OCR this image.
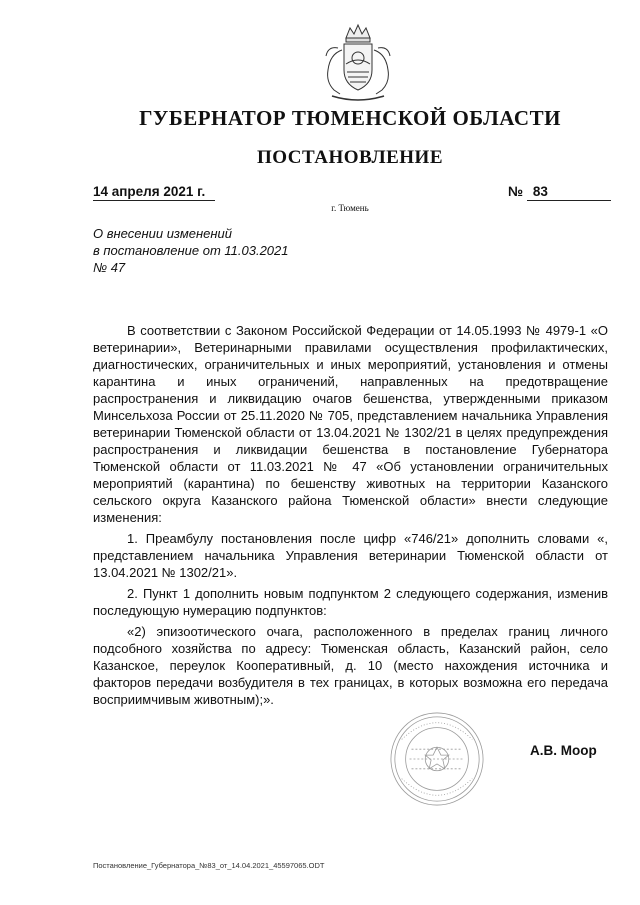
ГУБЕРНАТОР ТЮМЕНСКОЙ ОБЛАСТИ
ПОСТАНОВЛЕНИЕ
14 апреля 2021 г.	№ 83
г. Тюмень
О внесении изменений
в постановление от 11.03.2021
№ 47

В соответствии с Законом Российской Федерации от 14.05.1993 № 4979-1 «О ветеринарии», Ветеринарными правилами осуществления профилактических, диагностических, ограничительных и иных мероприятий, установления и отмены карантина и иных ограничений, направленных на предотвращение распространения и ликвидацию очагов бешенства, утвержденными приказом Минсельхоза России от 25.11.2020 № 705, представлением начальника Управления ветеринарии Тюменской области от 13.04.2021 № 1302/21 в целях предупреждения распространения и ликвидации бешенства в постановление Губернатора Тюменской области от 11.03.2021 № 47 «Об установлении ограничительных мероприятий (карантина) по бешенству животных на территории Казанского сельского округа Казанского района Тюменской области» внести следующие изменения:

1. Преамбулу постановления после цифр «746/21» дополнить словами «, представлением начальника Управления ветеринарии Тюменской области от 13.04.2021 № 1302/21».

2. Пункт 1 дополнить новым подпунктом 2 следующего содержания, изменив последующую нумерацию подпунктов:

«2) эпизоотического очага, расположенного в пределах границ личного подсобного хозяйства по адресу: Тюменская область, Казанский район, село Казанское, переулок Кооперативный, д. 10 (место нахождения источника и факторов передачи возбудителя в тех границах, в которых возможна его передача восприимчивым животным);».

А.В. Моор
Постановление_Губернатора_№83_от_14.04.2021_45597065.ODT
